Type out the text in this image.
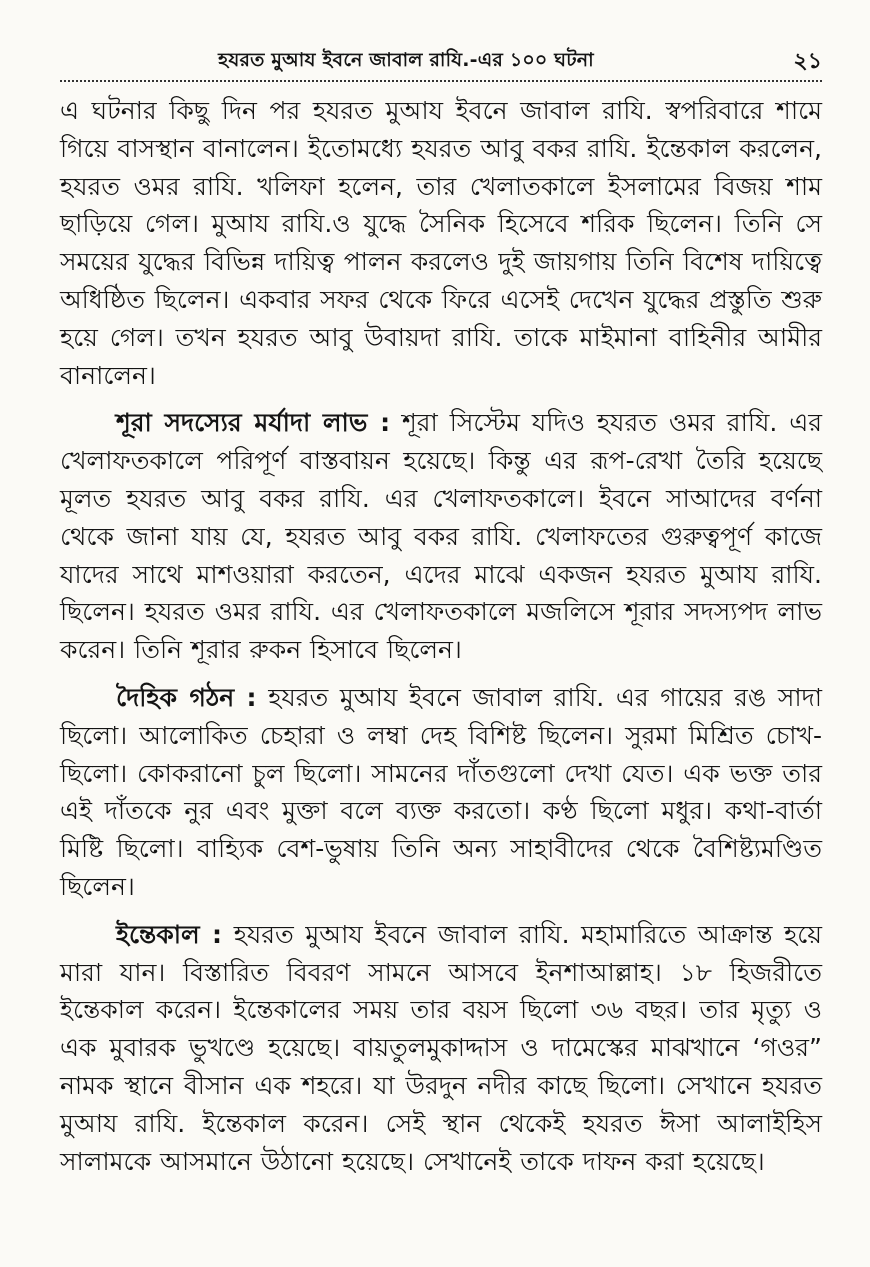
হযরত মুআয ইবনে জাবাল রাযি.-এর ১০০ ঘটনা	২১

এ ঘটনার কিছু দিন পর হযরত মুআয ইবনে জাবাল রাযি. স্বপরিবারে শামে গিয়ে বাসস্থান বানালেন। ইতোমধ্যে হযরত আবু বকর রাযি. ইন্তেকাল করলেন, হযরত ওমর রাযি. খলিফা হলেন, তার খেলাতকালে ইসলামের বিজয় শাম ছাড়িয়ে গেল। মুআয রাযি.ও যুদ্ধে সৈনিক হিসেবে শরিক ছিলেন। তিনি সে সময়ের যুদ্ধের বিভিন্ন দায়িত্ব পালন করলেও দুই জায়গায় তিনি বিশেষ দায়িত্বে অধিষ্ঠিত ছিলেন। একবার সফর থেকে ফিরে এসেই দেখেন যুদ্ধের প্রস্তুতি শুরু হয়ে গেল। তখন হযরত আবু উবায়দা রাযি. তাকে মাইমানা বাহিনীর আমীর বানালেন।

শূরা সদস্যের মর্যাদা লাভ : শূরা সিস্টেম যদিও হযরত ওমর রাযি. এর খেলাফতকালে পরিপূর্ণ বাস্তবায়ন হয়েছে। কিন্তু এর রূপ-রেখা তৈরি হয়েছে মূলত হযরত আবু বকর রাযি. এর খেলাফতকালে। ইবনে সাআদের বর্ণনা থেকে জানা যায় যে, হযরত আবু বকর রাযি. খেলাফতের গুরুত্বপূর্ণ কাজে যাদের সাথে মাশওয়ারা করতেন, এদের মাঝে একজন হযরত মুআয রাযি. ছিলেন। হযরত ওমর রাযি. এর খেলাফতকালে মজলিসে শূরার সদস্যপদ লাভ করেন। তিনি শূরার রুকন হিসাবে ছিলেন।

দৈহিক গঠন : হযরত মুআয ইবনে জাবাল রাযি. এর গায়ের রঙ সাদা ছিলো। আলোকিত চেহারা ও লম্বা দেহ বিশিষ্ট ছিলেন। সুরমা মিশ্রিত চোখ-ছিলো। কোকরানো চুল ছিলো। সামনের দাঁতগুলো দেখা যেত। এক ভক্ত তার এই দাঁতকে নুর এবং মুক্তা বলে ব্যক্ত করতো। কণ্ঠ ছিলো মধুর। কথা-বার্তা মিষ্টি ছিলো। বাহ্যিক বেশ-ভুষায় তিনি অন্য সাহাবীদের থেকে বৈশিষ্ট্যমণ্ডিত ছিলেন।

ইন্তেকাল : হযরত মুআয ইবনে জাবাল রাযি. মহামারিতে আক্রান্ত হয়ে মারা যান। বিস্তারিত বিবরণ সামনে আসবে ইনশাআল্লাহ। ১৮ হিজরীতে ইন্তেকাল করেন। ইন্তেকালের সময় তার বয়স ছিলো ৩৬ বছর। তার মৃত্যু ও এক মুবারক ভুখণ্ডে হয়েছে। বায়তুলমুকাদ্দাস ও দামেস্কের মাঝখানে ‘গওর” নামক স্থানে বীসান এক শহরে। যা উরদুন নদীর কাছে ছিলো। সেখানে হযরত মুআয রাযি. ইন্তেকাল করেন। সেই স্থান থেকেই হযরত ঈসা আলাইহিস সালামকে আসমানে উঠানো হয়েছে। সেখানেই তাকে দাফন করা হয়েছে।
